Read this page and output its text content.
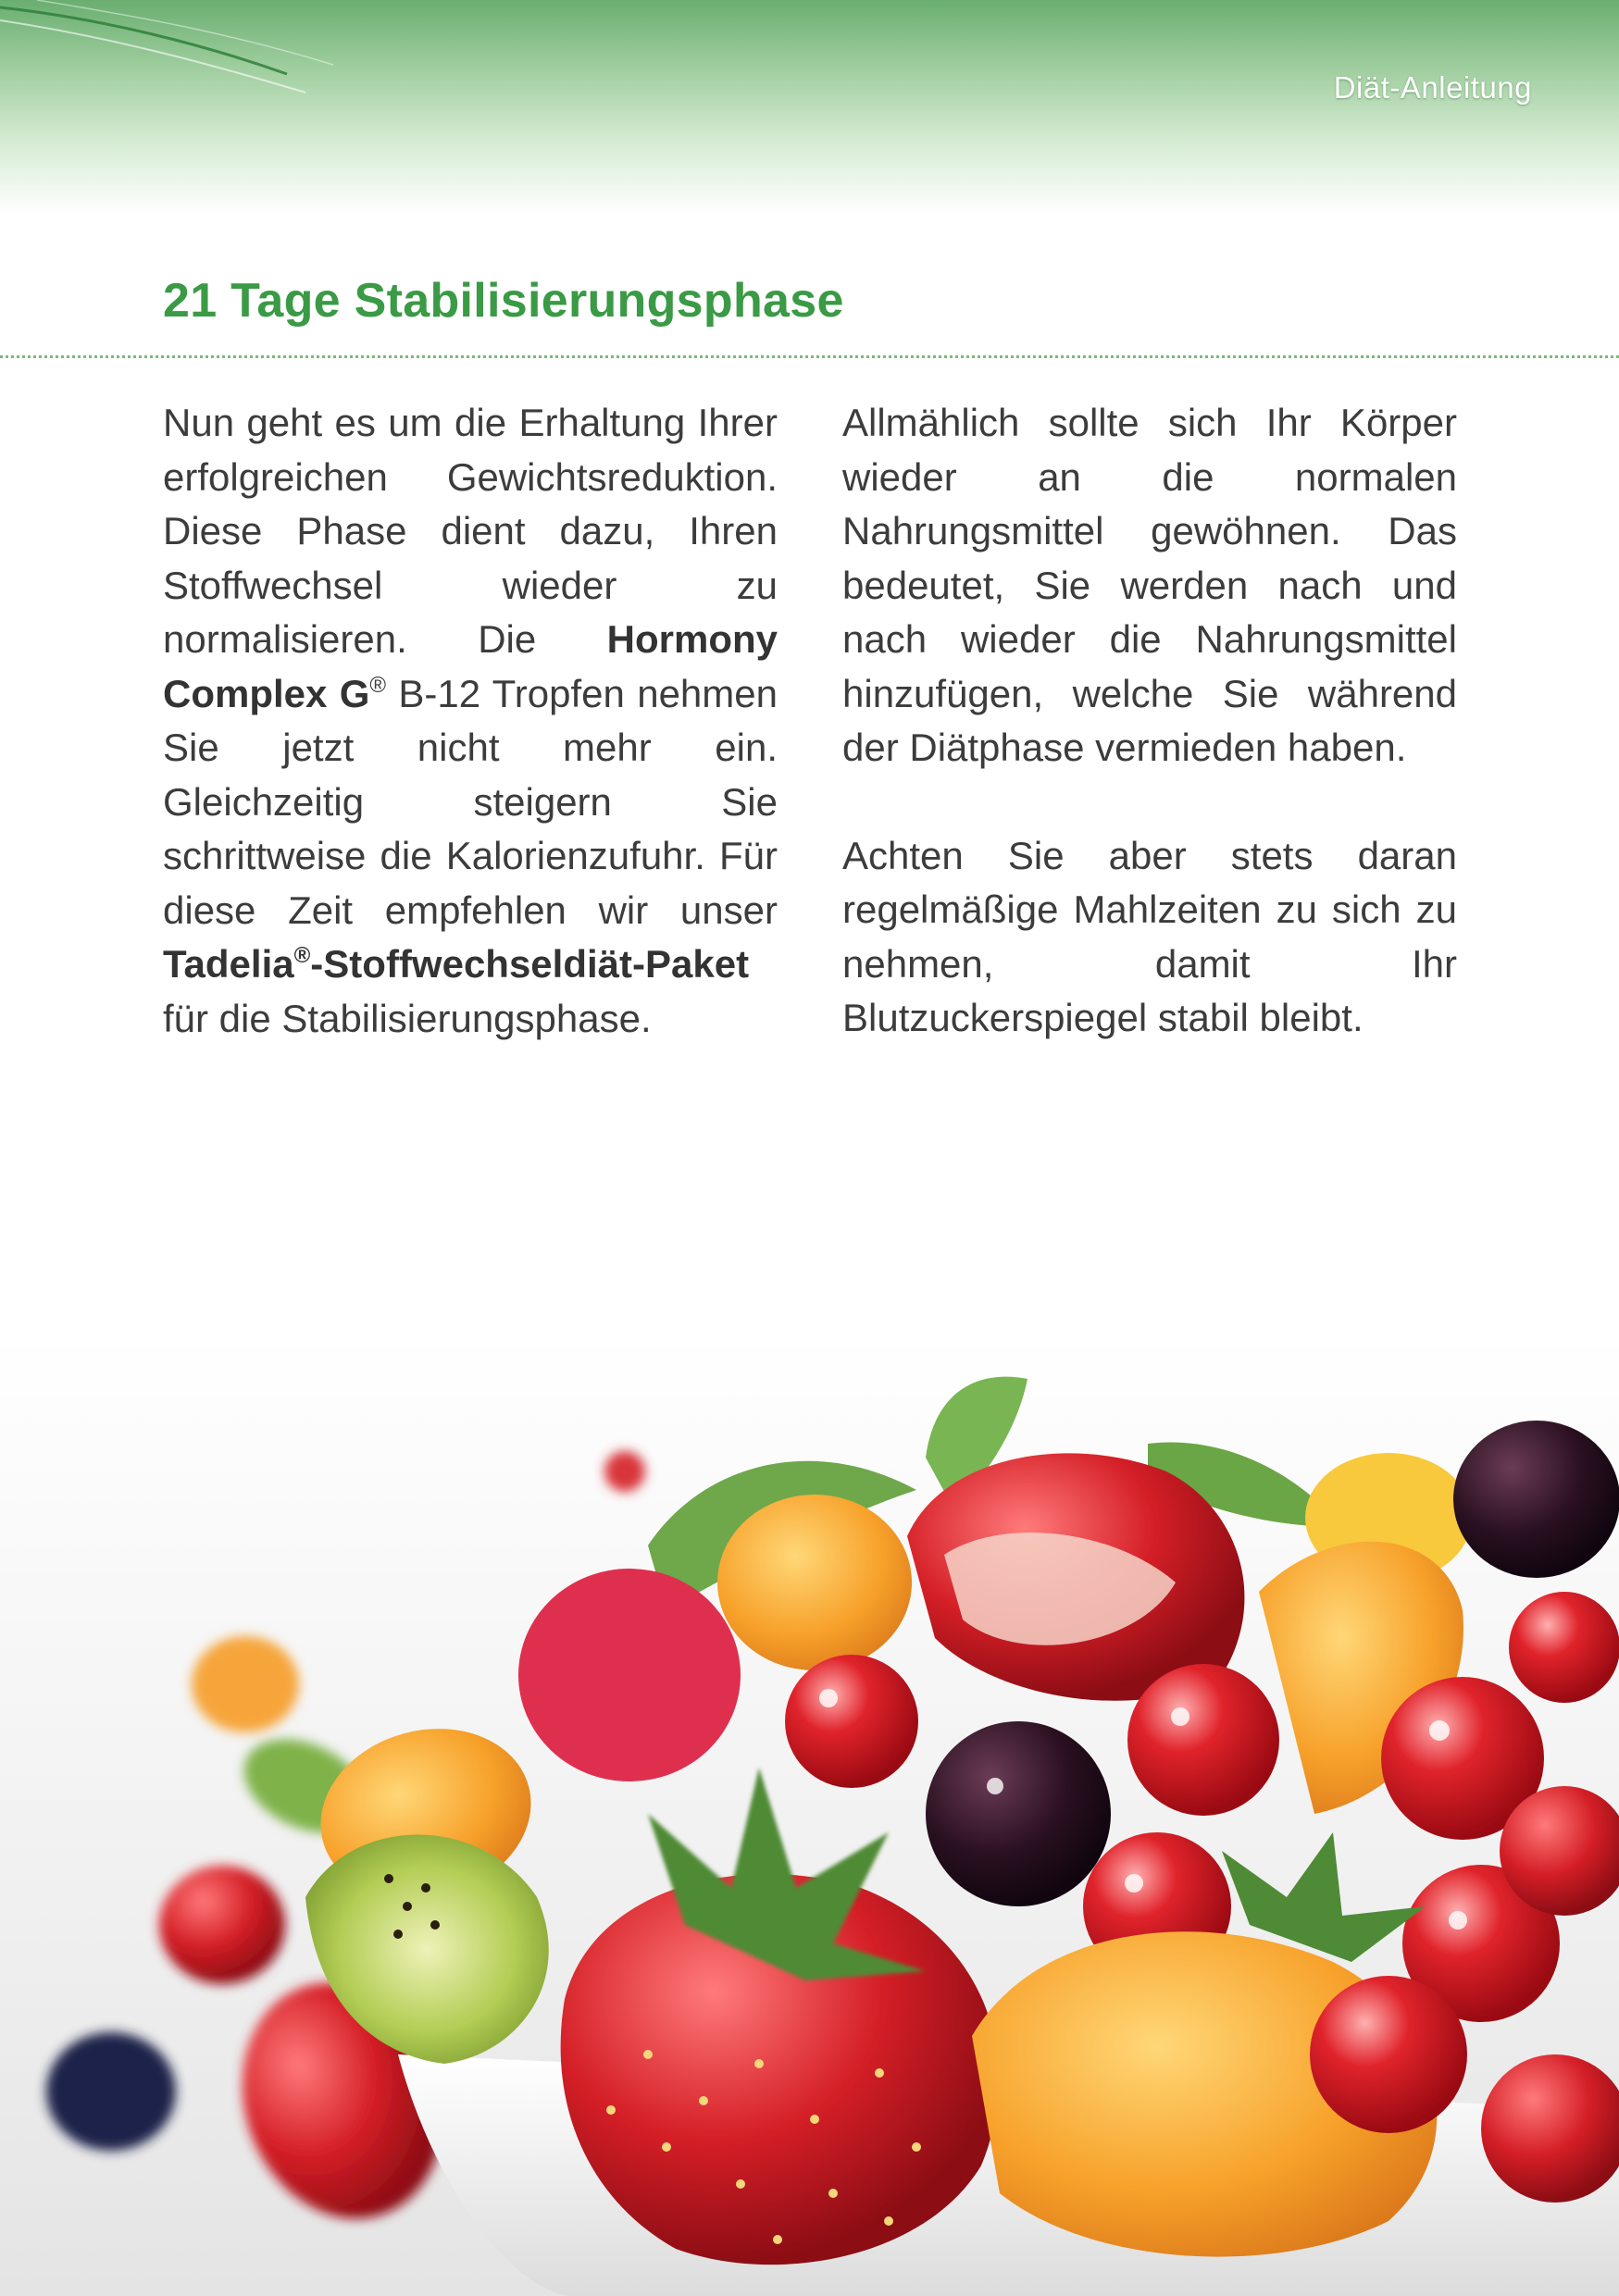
Diät-Anleitung
21 Tage Stabilisierungsphase

Nun geht es um die Erhaltung Ihrer erfolgreichen Gewichtsreduktion. Diese Phase dient dazu, Ihren Stoffwechsel wieder zu normalisieren. Die Hormony Complex G® B-12 Tropfen nehmen Sie jetzt nicht mehr ein. Gleichzeitig steigern Sie schrittweise die Kalorienzufuhr. Für diese Zeit empfehlen wir unser Tadelia®-Stoffwechseldiät-Paket für die Stabilisierungsphase.

Allmählich sollte sich Ihr Körper wieder an die normalen Nahrungsmittel gewöhnen. Das bedeutet, Sie werden nach und nach wieder die Nahrungsmittel hinzufügen, welche Sie während der Diätphase vermieden haben.

Achten Sie aber stets daran regelmäßige Mahlzeiten zu sich zu nehmen, damit Ihr Blutzuckerspiegel stabil bleibt.
